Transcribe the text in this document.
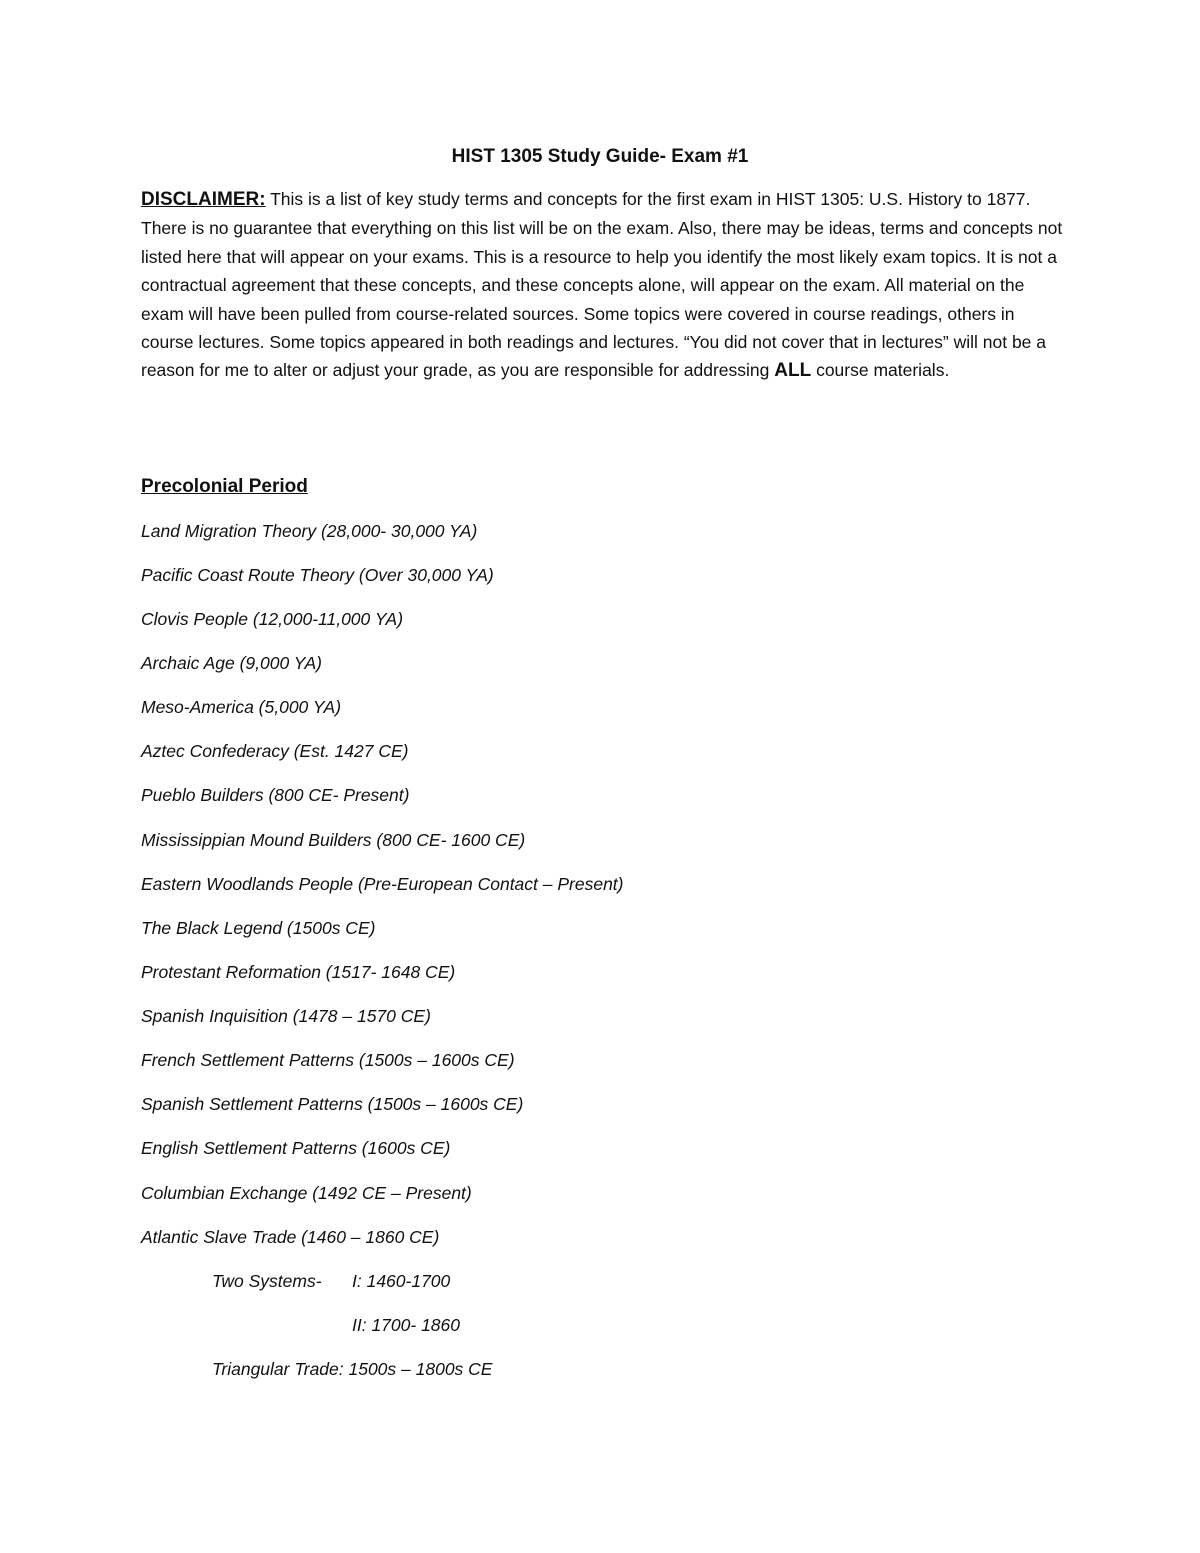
HIST 1305 Study Guide- Exam #1

DISCLAIMER: This is a list of key study terms and concepts for the first exam in HIST 1305: U.S. History to 1877. There is no guarantee that everything on this list will be on the exam. Also, there may be ideas, terms and concepts not listed here that will appear on your exams. This is a resource to help you identify the most likely exam topics. It is not a contractual agreement that these concepts, and these concepts alone, will appear on the exam. All material on the exam will have been pulled from course-related sources. Some topics were covered in course readings, others in course lectures. Some topics appeared in both readings and lectures. “You did not cover that in lectures” will not be a reason for me to alter or adjust your grade, as you are responsible for addressing ALL course materials.

Precolonial Period

Land Migration Theory (28,000- 30,000 YA)

Pacific Coast Route Theory (Over 30,000 YA)

Clovis People (12,000-11,000 YA)

Archaic Age (9,000 YA)

Meso-America (5,000 YA)

Aztec Confederacy (Est. 1427 CE)

Pueblo Builders (800 CE- Present)

Mississippian Mound Builders (800 CE- 1600 CE)

Eastern Woodlands People (Pre-European Contact – Present)

The Black Legend (1500s CE)

Protestant Reformation (1517- 1648 CE)

Spanish Inquisition (1478 – 1570 CE)

French Settlement Patterns (1500s – 1600s CE)

Spanish Settlement Patterns (1500s – 1600s CE)

English Settlement Patterns (1600s CE)

Columbian Exchange (1492 CE – Present)

Atlantic Slave Trade (1460 – 1860 CE)

Two Systems- I: 1460-1700

II: 1700- 1860

Triangular Trade: 1500s – 1800s CE
